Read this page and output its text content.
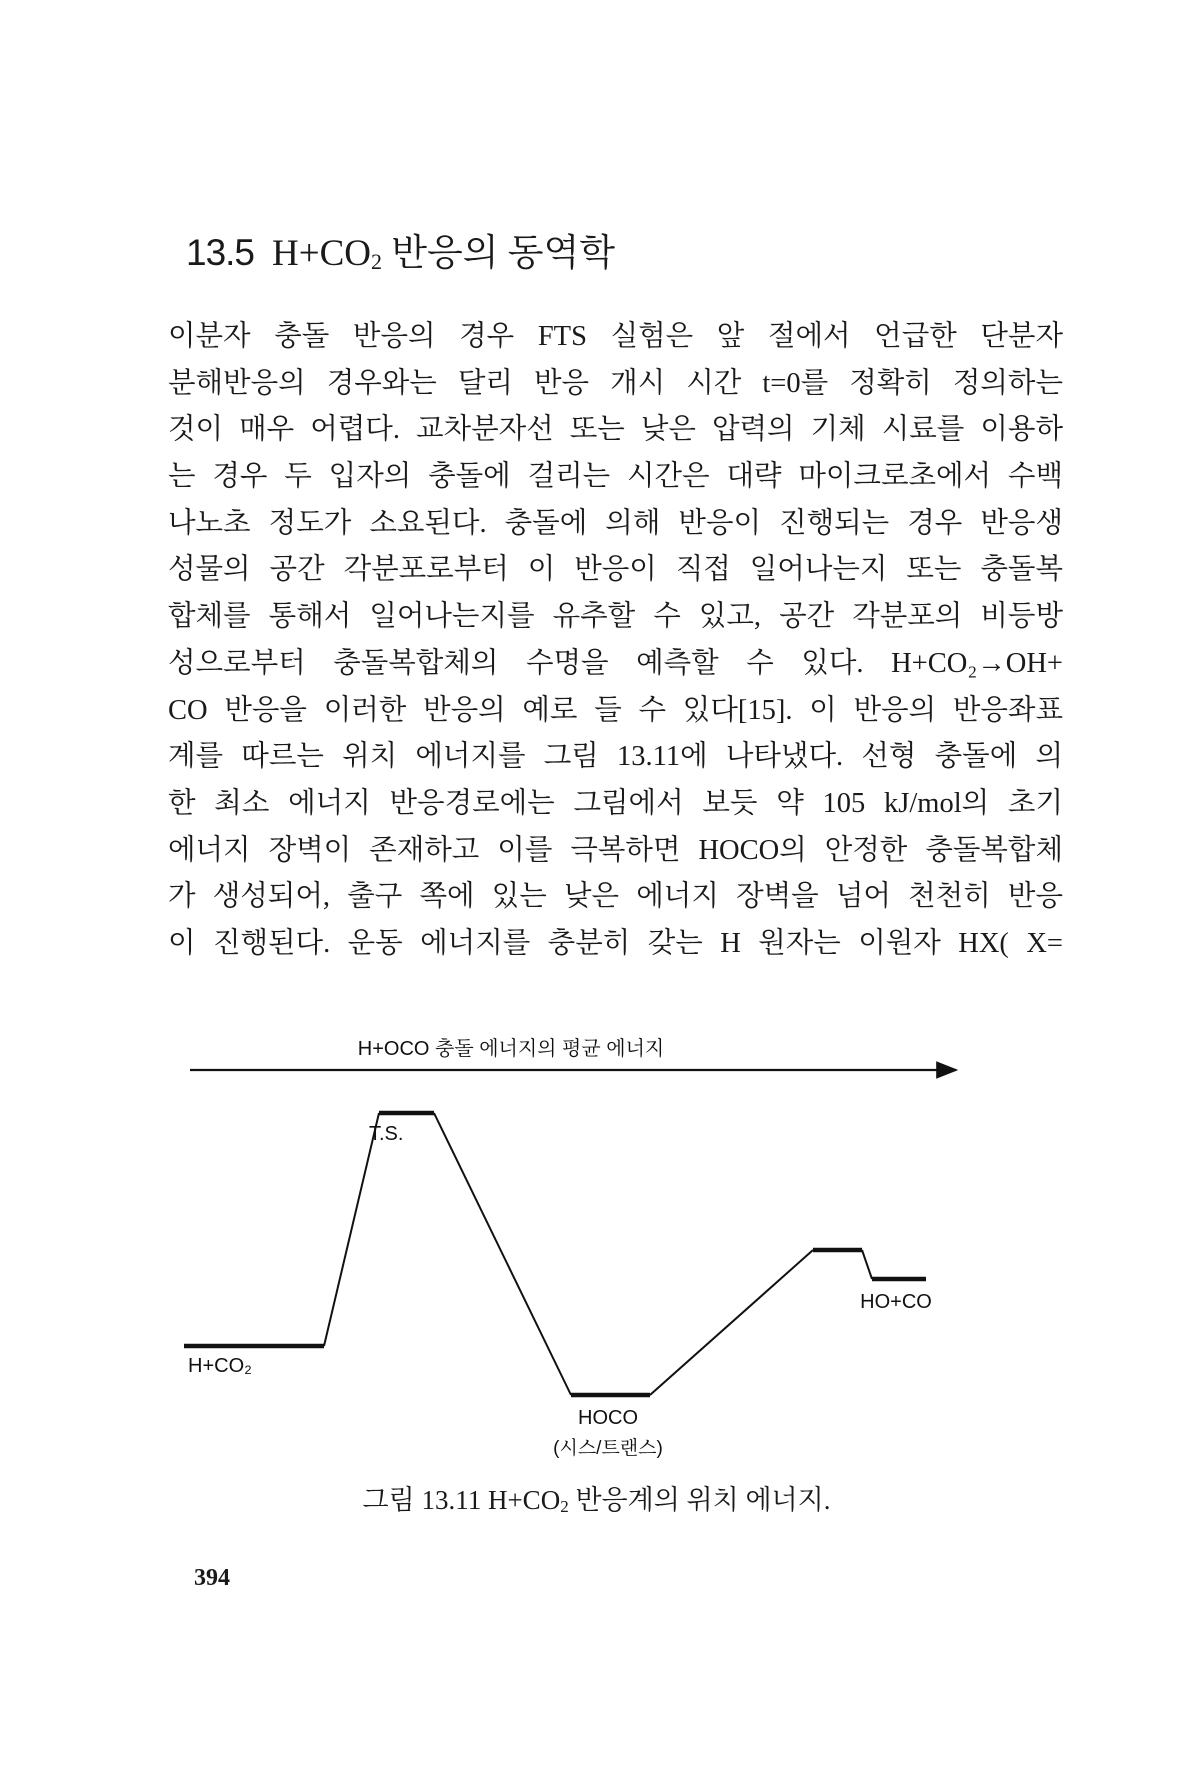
13.5 $H+CO_2$ 반응의 동역학
이분자 충돌 반응의 경우 FTS 실험은 앞 절에서 언급한 단분자
분해반응의 경우와는 달리 반응 개시 시간 t=0를 정확히 정의하는
것이 매우 어렵다. 교차분자선 또는 낮은 압력의 기체 시료를 이용하
는 경우 두 입자의 충돌에 걸리는 시간은 대략 마이크로초에서 수백
나노초 정도가 소요된다. 충돌에 의해 반응이 진행되는 경우 반응생
성물의 공간 각분포로부터 이 반응이 직접 일어나는지 또는 충돌복
합체를 통해서 일어나는지를 유추할 수 있고, 공간 각분포의 비등방
성으로부터 충돌복합체의 수명을 예측할 수 있다. H+CO₂→OH+
CO 반응을 이러한 반응의 예로 들 수 있다[15]. 이 반응의 반응좌표
계를 따르는 위치 에너지를 그림 13.11에 나타냈다. 선형 충돌에 의
한 최소 에너지 반응경로에는 그림에서 보듯 약 105 kJ/mol의 초기
에너지 장벽이 존재하고 이를 극복하면 HOCO의 안정한 충돌복합체
가 생성되어, 출구 쪽에 있는 낮은 에너지 장벽을 넘어 천천히 반응
이 진행된다. 운동 에너지를 충분히 갖는 H 원자는 이원자 HX( X=
H+OCO 충돌 에너지의 평균 에너지
H+CO₂
T.S.
HOCO
(시스/트랜스)
HO+CO
그림 13.11 $H+CO_2$ 반응계의 위치 에너지.
394
